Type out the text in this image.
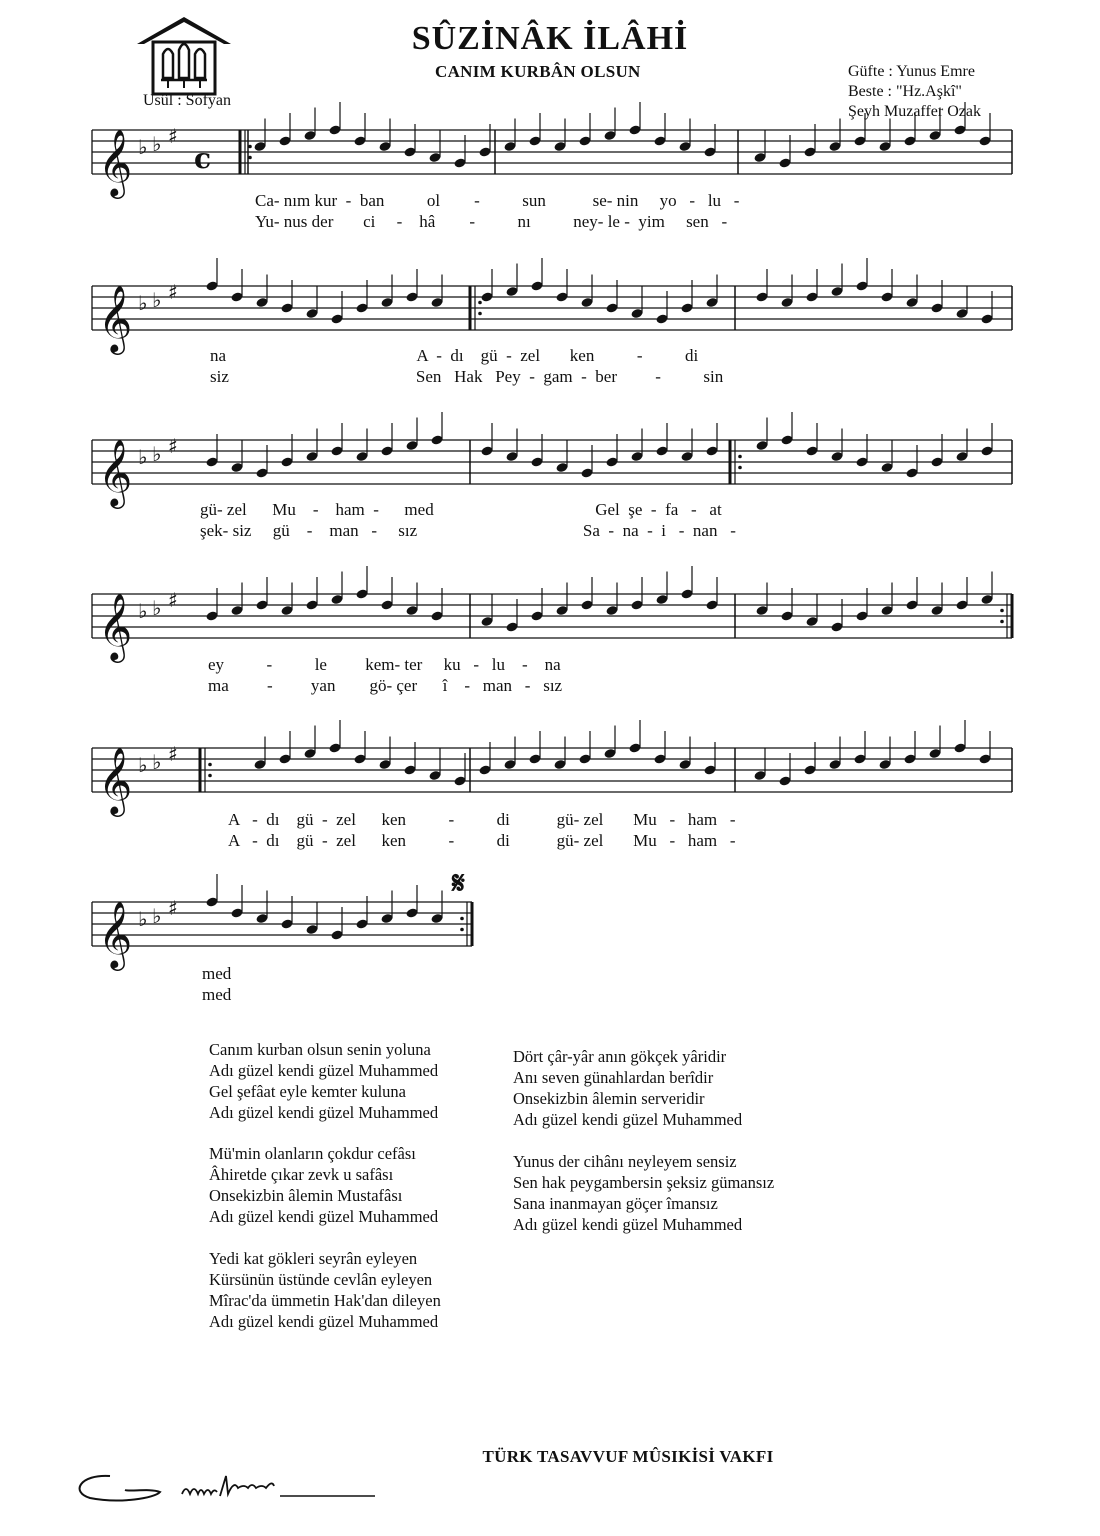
SÛZİNÂK İLÂHİ
CANIM KURBÂN OLSUN	Güfte : Yunus Emre
Beste : "Hz.Aşkî"
Şeyh Muzaffer Ozak
Usûl : Sofyan
𝄞 ♭ ♭ ♯
c
𝄞 ♭ ♭ ♯
𝄞 ♭ ♭ ♯
𝄞 ♭ ♭ ♯
𝄞 ♭ ♭ ♯
𝄞 ♭ ♭ ♯
𝄋
Ca- nım kur  -  ban          ol        -          sun           se- nin     yo   -   lu   -
Yu- nus der       ci     -    hâ        -          nı          ney- le -  yim     sen   -
na                                             A  -  dı    gü  -  zel       ken          -          di
siz                                            Sen   Hak   Pey  -  gam  -  ber         -          sin
gü- zel      Mu    -    ham  -      med                                      Gel  şe  -  fa   -   at
şek- siz     gü    -    man   -     sız                                       Sa  -  na  -  i   -  nan   -
ey          -          le         kem- ter     ku   -   lu    -    na
ma         -         yan        gö- çer      î    -   man   -   sız
A   -  dı    gü  -  zel      ken          -          di           gü- zel       Mu   -   ham   -
A   -  dı    gü  -  zel      ken          -          di           gü- zel       Mu   -   ham   -
med
med
Canım kurban olsun senin yoluna
Adı güzel kendi güzel Muhammed
Gel şefâat eyle kemter kuluna
Adı güzel kendi güzel Muhammed
Mü'min olanların çokdur cefâsı
Âhiretde çıkar zevk u safâsı
Onsekizbin âlemin Mustafâsı
Adı güzel kendi güzel Muhammed
Yedi kat gökleri seyrân eyleyen
Kürsünün üstünde cevlân eyleyen
Mîrac'da ümmetin Hak'dan dileyen
Adı güzel kendi güzel Muhammed
Dört çâr-yâr anın gökçek yâridir
Anı seven günahlardan berîdir
Onsekizbin âlemin serveridir
Adı güzel kendi güzel Muhammed
Yunus der cihânı neyleyem sensiz
Sen hak peygambersin şeksiz gümansız
Sana inanmayan göçer îmansız
Adı güzel kendi güzel Muhammed
TÜRK TASAVVUF MÛSIKİSİ VAKFI
